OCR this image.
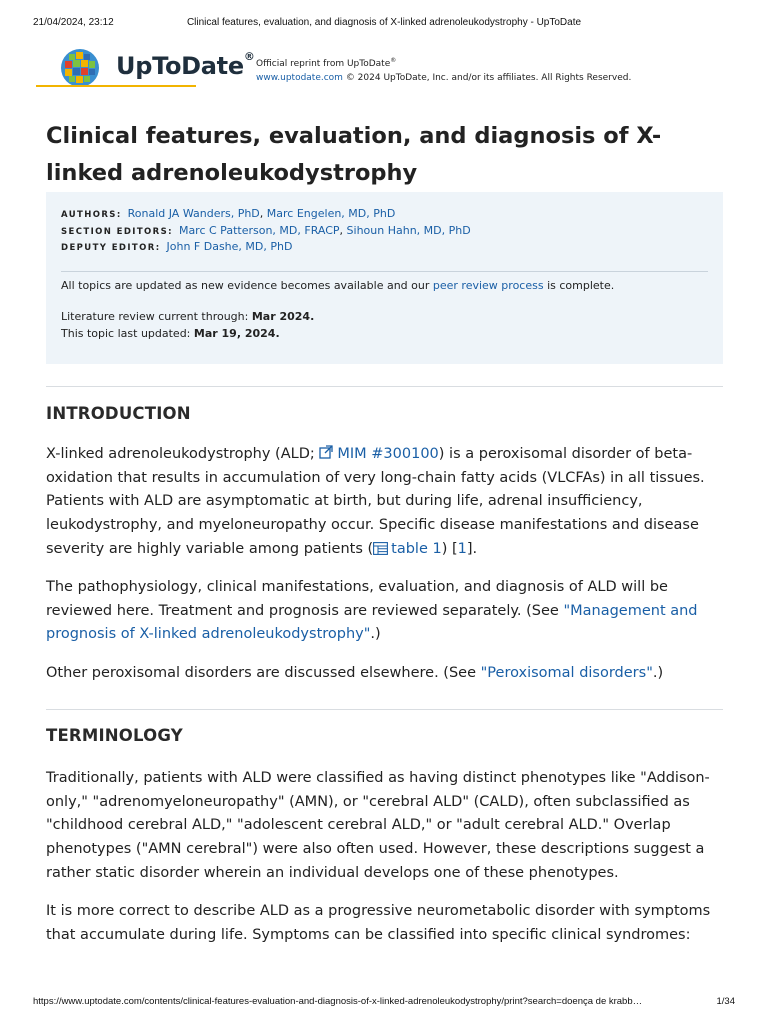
21/04/2024, 23:12	Clinical features, evaluation, and diagnosis of X-linked adrenoleukodystrophy - UpToDate
UpToDate®
Official reprint from UpToDate®
www.uptodate.com © 2024 UpToDate, Inc. and/or its affiliates. All Rights Reserved.
Clinical features, evaluation, and diagnosis of X-linked adrenoleukodystrophy
AUTHORS: Ronald JA Wanders, PhD, Marc Engelen, MD, PhD
SECTION EDITORS: Marc C Patterson, MD, FRACP, Sihoun Hahn, MD, PhD
DEPUTY EDITOR: John F Dashe, MD, PhD
All topics are updated as new evidence becomes available and our peer review process is complete.
Literature review current through: Mar 2024.
This topic last updated: Mar 19, 2024.
INTRODUCTION

X-linked adrenoleukodystrophy (ALD; MIM #300100) is a peroxisomal disorder of beta-oxidation that results in accumulation of very long-chain fatty acids (VLCFAs) in all tissues. Patients with ALD are asymptomatic at birth, but during life, adrenal insufficiency, leukodystrophy, and myeloneuropathy occur. Specific disease manifestations and disease severity are highly variable among patients ( table 1) [1].

The pathophysiology, clinical manifestations, evaluation, and diagnosis of ALD will be reviewed here. Treatment and prognosis are reviewed separately. (See "Management and prognosis of X-linked adrenoleukodystrophy".)

Other peroxisomal disorders are discussed elsewhere. (See "Peroxisomal disorders".)

TERMINOLOGY

Traditionally, patients with ALD were classified as having distinct phenotypes like "Addison-only," "adrenomyeloneuropathy" (AMN), or "cerebral ALD" (CALD), often subclassified as "childhood cerebral ALD," "adolescent cerebral ALD," or "adult cerebral ALD." Overlap phenotypes ("AMN cerebral") were also often used. However, these descriptions suggest a rather static disorder wherein an individual develops one of these phenotypes.

It is more correct to describe ALD as a progressive neurometabolic disorder with symptoms that accumulate during life. Symptoms can be classified into specific clinical syndromes:

https://www.uptodate.com/contents/clinical-features-evaluation-and-diagnosis-of-x-linked-adrenoleukodystrophy/print?search=doença de krabb…	1/34
